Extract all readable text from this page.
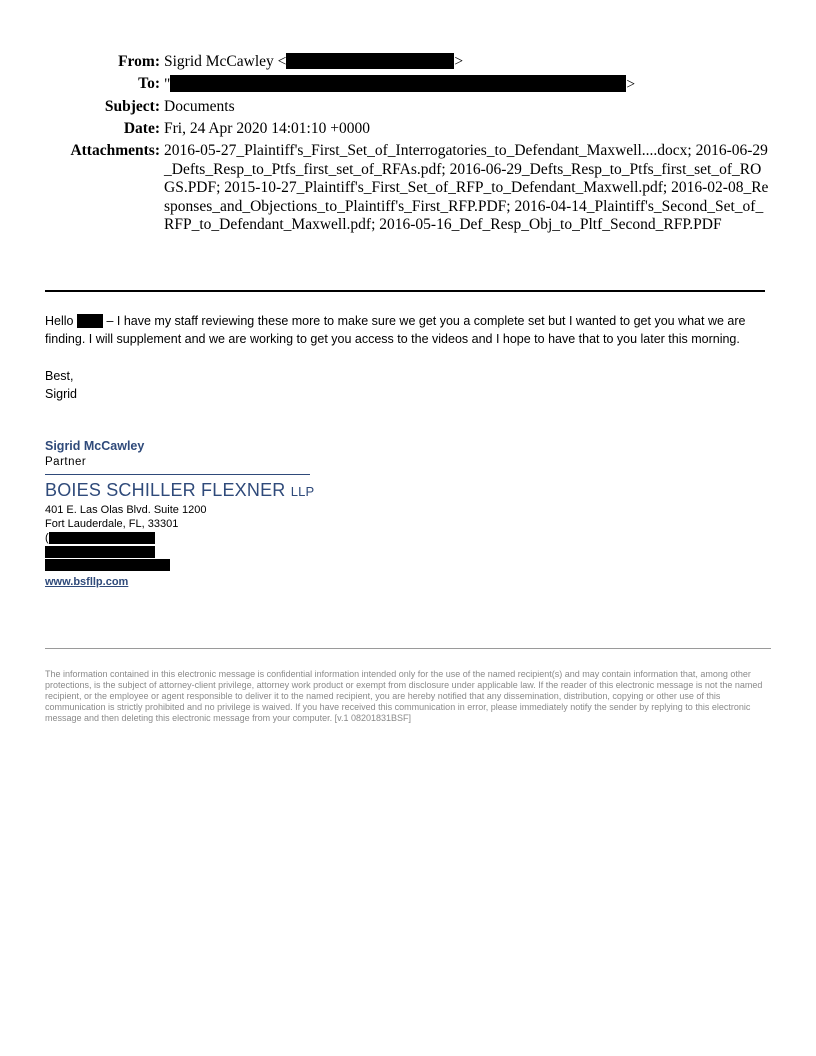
From: Sigrid McCawley <	>
To: "	>
Subject: Documents
Date: Fri, 24 Apr 2020 14:01:10 +0000
Attachments: 2016-05-27_Plaintiff's_First_Set_of_Interrogatories_to_Defendant_Maxwell....docx; 2016-06-29_Defts_Resp_to_Ptfs_first_set_of_RFAs.pdf; 2016-06-29_Defts_Resp_to_Ptfs_first_set_of_ROGS.PDF; 2015-10-27_Plaintiff's_First_Set_of_RFP_to_Defendant_Maxwell.pdf; 2016-02-08_Responses_and_Objections_to_Plaintiff's_First_RFP.PDF; 2016-04-14_Plaintiff's_Second_Set_of_RFP_to_Defendant_Maxwell.pdf; 2016-05-16_Def_Resp_Obj_to_Pltf_Second_RFP.PDF

Hello	– I have my staff reviewing these more to make sure we get you a complete set but I wanted to get you what we are finding. I will supplement and we are working to get you access to the videos and I hope to have that to you later this morning.

Best,
Sigrid
Sigrid McCawley
Partner
BOIES SCHILLER FLEXNER LLP
401 E. Las Olas Blvd. Suite 1200
Fort Lauderdale, FL, 33301
(
www.bsfllp.com
The information contained in this electronic message is confidential information intended only for the use of the named recipient(s) and may contain information that, among other protections, is the subject of attorney-client privilege, attorney work product or exempt from disclosure under applicable law. If the reader of this electronic message is not the named recipient, or the employee or agent responsible to deliver it to the named recipient, you are hereby notified that any dissemination, distribution, copying or other use of this communication is strictly prohibited and no privilege is waived. If you have received this communication in error, please immediately notify the sender by replying to this electronic message and then deleting this electronic message from your computer. [v.1 08201831BSF]
